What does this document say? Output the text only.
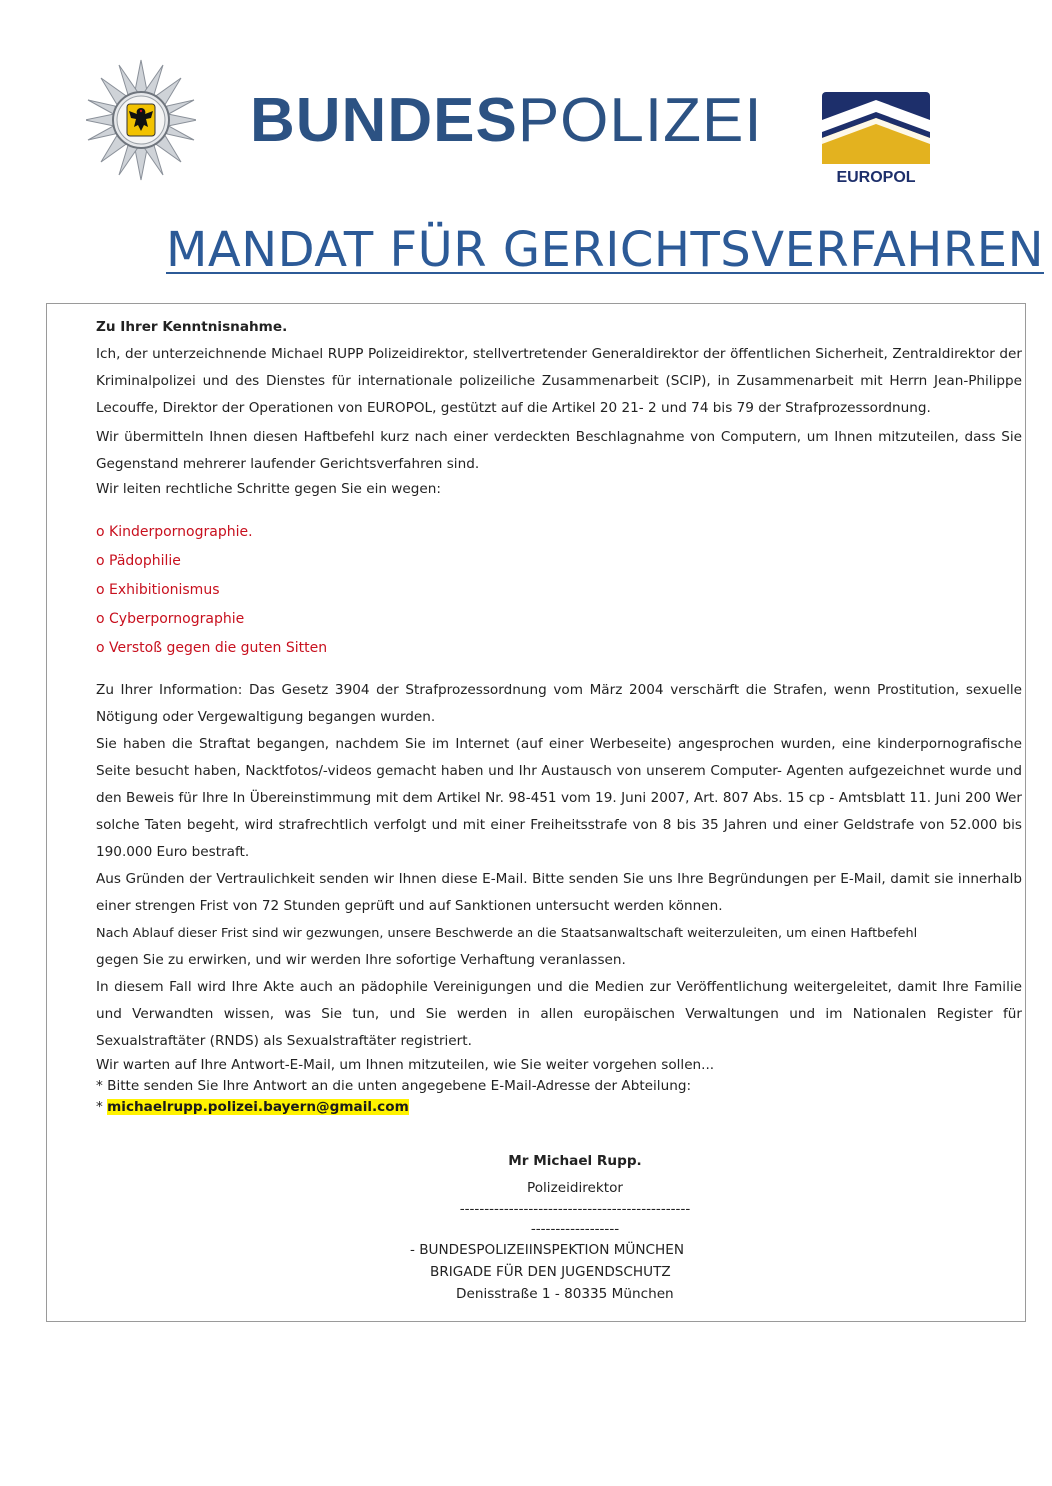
BUNDESPOLIZEI
EUROPOL
MANDAT FÜR GERICHTSVERFAHREN

Zu Ihrer Kenntnisnahme.

Ich, der unterzeichnende Michael RUPP Polizeidirektor, stellvertretender Generaldirektor der öffentlichen Sicherheit, Zentraldirektor der Kriminalpolizei und des Dienstes für internationale polizeiliche Zusammenarbeit (SCIP), in Zusammenarbeit mit Herrn Jean-Philippe Lecouffe, Direktor der Operationen von EUROPOL, gestützt auf die Artikel 20 21- 2 und 74 bis 79 der Strafprozessordnung.

Wir übermitteln Ihnen diesen Haftbefehl kurz nach einer verdeckten Beschlagnahme von Computern, um Ihnen mitzuteilen, dass Sie Gegenstand mehrerer laufender Gerichtsverfahren sind.

Wir leiten rechtliche Schritte gegen Sie ein wegen:

o Kinderpornographie.
o Pädophilie
o Exhibitionismus
o Cyberpornographie
o Verstoß gegen die guten Sitten

Zu Ihrer Information: Das Gesetz 3904 der Strafprozessordnung vom März 2004 verschärft die Strafen, wenn Prostitution, sexuelle Nötigung oder Vergewaltigung begangen wurden.

Sie haben die Straftat begangen, nachdem Sie im Internet (auf einer Werbeseite) angesprochen wurden, eine kinderpornografische Seite besucht haben, Nacktfotos/-videos gemacht haben und Ihr Austausch von unserem Computer- Agenten aufgezeichnet wurde und den Beweis für Ihre In Übereinstimmung mit dem Artikel Nr. 98-451 vom 19. Juni 2007, Art. 807 Abs. 15 cp - Amtsblatt 11. Juni 200 Wer solche Taten begeht, wird strafrechtlich verfolgt und mit einer Freiheitsstrafe von 8 bis 35 Jahren und einer Geldstrafe von 52.000 bis 190.000 Euro bestraft.

Aus Gründen der Vertraulichkeit senden wir Ihnen diese E-Mail. Bitte senden Sie uns Ihre Begründungen per E-Mail, damit sie innerhalb einer strengen Frist von 72 Stunden geprüft und auf Sanktionen untersucht werden können.

Nach Ablauf dieser Frist sind wir gezwungen, unsere Beschwerde an die Staatsanwaltschaft weiterzuleiten, um einen Haftbefehl

gegen Sie zu erwirken, und wir werden Ihre sofortige Verhaftung veranlassen.

In diesem Fall wird Ihre Akte auch an pädophile Vereinigungen und die Medien zur Veröffentlichung weitergeleitet, damit Ihre Familie und Verwandten wissen, was Sie tun, und Sie werden in allen europäischen Verwaltungen und im Nationalen Register für Sexualstraftäter (RNDS) als Sexualstraftäter registriert.

Wir warten auf Ihre Antwort-E-Mail, um Ihnen mitzuteilen, wie Sie weiter vorgehen sollen...

* Bitte senden Sie Ihre Antwort an die unten angegebene E-Mail-Adresse der Abteilung:

* michaelrupp.polizei.bayern@gmail.com

Mr Michael Rupp.
Polizeidirektor
-----------------------------------------------
------------------
- BUNDESPOLIZEIINSPEKTION MÜNCHEN
BRIGADE FÜR DEN JUGENDSCHUTZ
Denisstraße 1 - 80335 München
